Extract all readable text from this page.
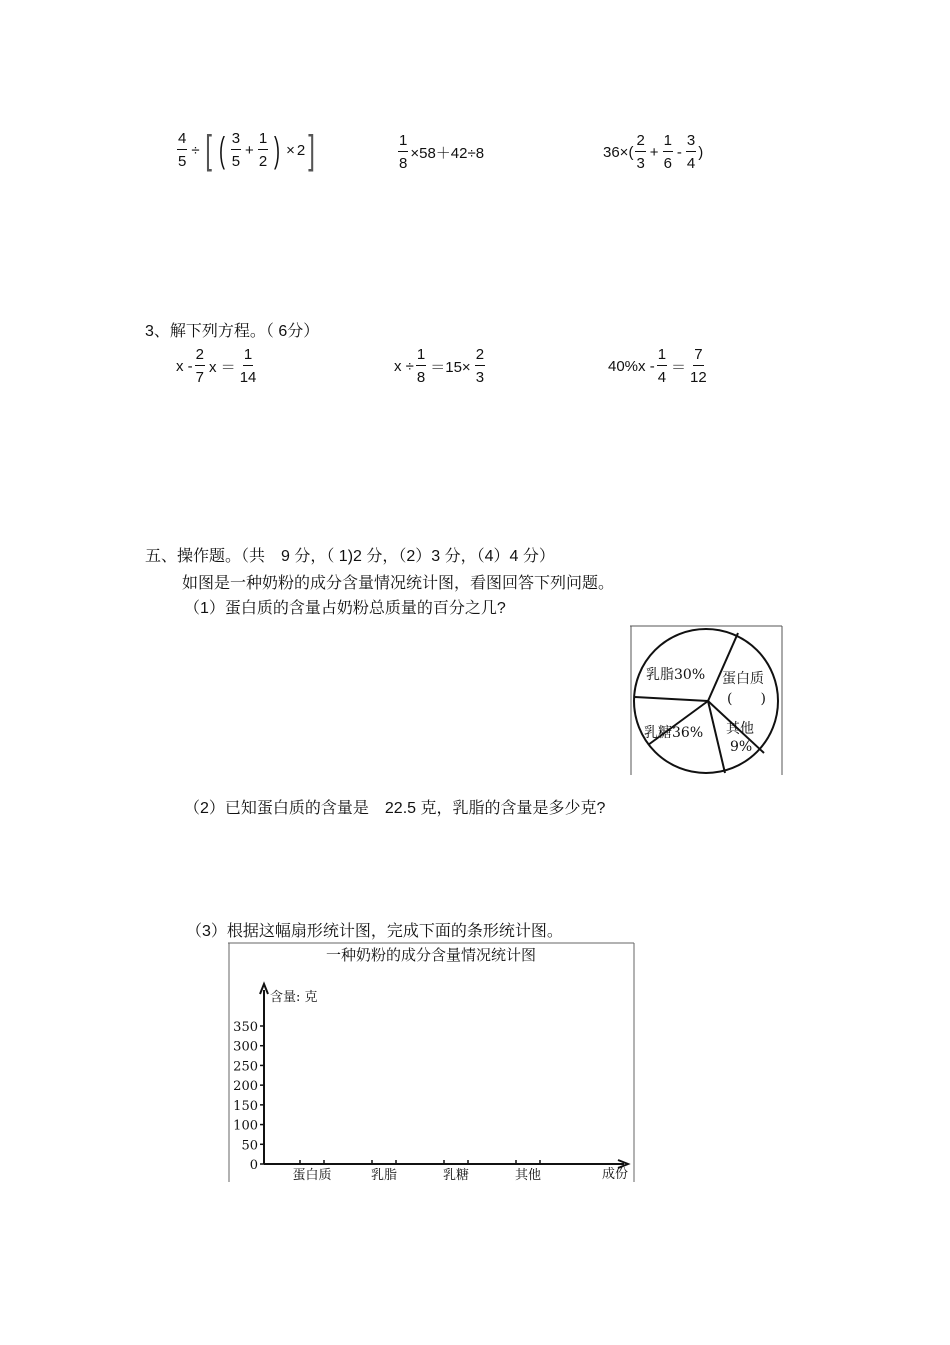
$\frac{4}{5}$ ÷ [ ( $\frac{3}{5} + \frac{1}{2}$ ) × 2 ]	$\frac{1}{8} \times 58+42\div 8$	$36\times( \frac{2}{3} + \frac{1}{6} - \frac{3}{4}$ )
3、解下列方程。（ 6分）
x - $\frac{2}{7}$ $x = \frac{1}{14}$	$x \div \frac{1}{8} =15\times \frac{2}{3}$	$40\%x - \frac{1}{4} = \frac{7}{12}$
五、操作题。（共　9 分，（ 1)2 分，（2）3 分，（4）4 分）
如图是一种奶粉的成分含量情况统计图，看图回答下列问题。
（1）蛋白质的含量占奶粉总质量的百分之几?
乳脂30% 蛋白质
(　　)
乳糖36% 其他
9%
（2）已知蛋白质的含量是　22.5 克，乳脂的含量是多少克?
（3）根据这幅扇形统计图，完成下面的条形统计图。
一种奶粉的成分含量情况统计图
含量: 克
成份
350
300
250
200
150
100
50
0
蛋白质	乳脂	乳糖	其他
